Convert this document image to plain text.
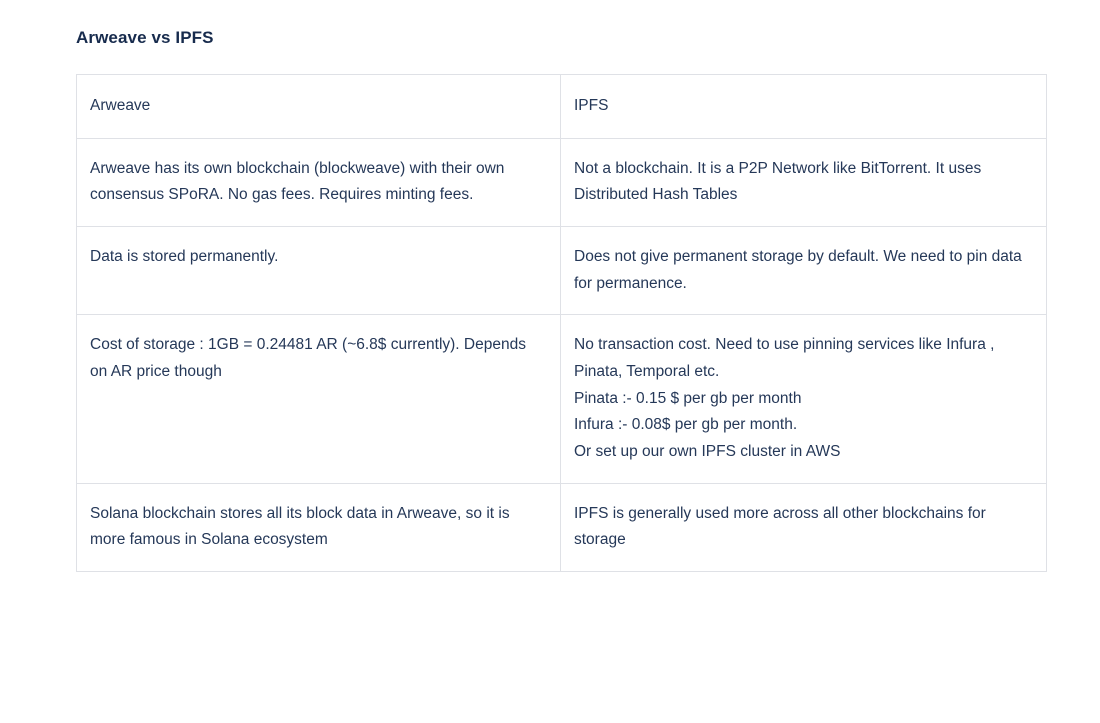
Arweave vs IPFS
Arweave	IPFS

Arweave has its own blockchain (blockweave) with their own consensus SPoRA. No gas fees. Requires minting fees.	Not a blockchain. It is a P2P Network like BitTorrent. It uses Distributed Hash Tables

Data is stored permanently.	Does not give permanent storage by default. We need to pin data for permanence.

Cost of storage : 1GB = 0.24481 AR (~6.8$ currently). Depends on AR price though	No transaction cost. Need to use pinning services like Infura , Pinata, Temporal etc.
Pinata :- 0.15 $ per gb per month
Infura :- 0.08$ per gb per month.
Or set up our own IPFS cluster in AWS

Solana blockchain stores all its block data in Arweave, so it is more famous in Solana ecosystem	IPFS is generally used more across all other blockchains for storage
